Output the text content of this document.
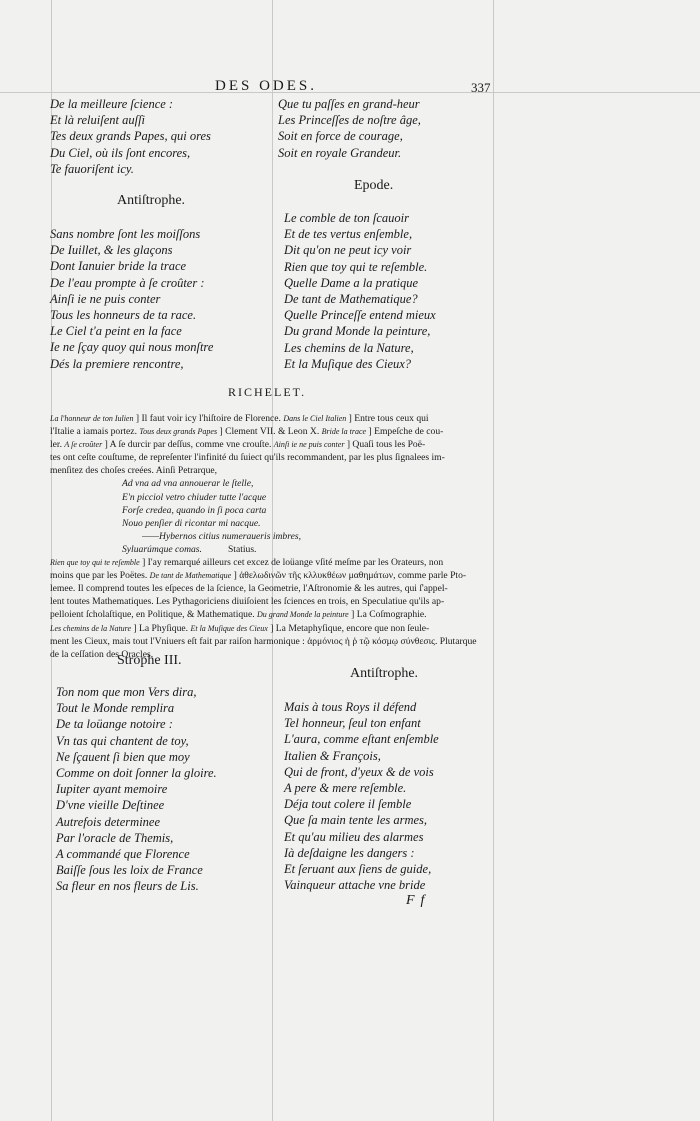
DES ODES.	337
De la meilleure ſcience :
Et là reluiſent auſſi
Tes deux grands Papes, qui ores
Du Ciel, où ils ſont encores,
Te fauoriſent icy.
Antiſtrophe.
Sans nombre ſont les moiſſons
De Iuillet, & les glaçons
Dont Ianuier bride la trace
De l'eau prompte à ſe croûter :
Ainſi ie ne puis conter
Tous les honneurs de ta race.
Le Ciel t'a peint en la face
Ie ne ſçay quoy qui nous monſtre
Dés la premiere rencontre,
Que tu paſſes en grand-heur
Les Princeſſes de noſtre âge,
Soit en force de courage,
Soit en royale Grandeur.
Epode.
Le comble de ton ſcauoir
Et de tes vertus enſemble,
Dit qu'on ne peut icy voir
Rien que toy qui te reſemble.
Quelle Dame a la pratique
De tant de Mathematique?
Quelle Princeſſe entend mieux
Du grand Monde la peinture,
Les chemins de la Nature,
Et la Muſique des Cieux?
RICHELET.
La l'honneur de ton Iulien ] Il faut voir icy l'hiſtoire de Florence. Dans le Ciel Italien ] Entre tous ceux qui
l'Italie a iamais portez. Tous deux grands Papes ] Clement VII. & Leon X. Bride la trace ] Empeſche de cou-
ler. A ſe croûter ] A ſe durcir par deſſus, comme vne crouſte. Ainſi ie ne puis conter ] Quaſi tous les Poë-
tes ont ceſte couſtume, de repreſenter l'infinité du ſuiect qu'ils recommandent, par les plus ſignalees im-
menſitez des choſes creées. Ainſi Petrarque,
Ad vna ad vna annouerar le ſtelle,
E'n picciol vetro chiuder tutte l'acque
Forſe credea, quando in ſi poca carta
Nouo penſier di ricontar mi nacque.
——Hybernos citius numeraueris imbres,
Syluarúmque comas.	Statius.
Rien que toy qui te reſemble ] I'ay remarqué ailleurs cet excez de loüange vſité meſme par les Orateurs, non
moins que par les Poëtes. De tant de Mathematique ] ἀθελωδινῶν τῆς κλλυκθέων μαθημάτων, comme parle Pto-
lemee. Il comprend toutes les eſpeces de la ſcience, la Geometrie, l'Aſtronomie & les autres, qui ſ'appel-
lent toutes Mathematiques. Les Pythagoriciens diuiſoient les ſciences en trois, en Speculatiue qu'ils ap-
pelloient ſcholaſtique, en Politique, & Mathematique. Du grand Monde la peinture ] La Coſmographie.
Les chemins de la Nature ] La Phyſique. Et la Muſique des Cieux ] La Metaphyſique, encore que non ſeule-
ment les Cieux, mais tout l'Vniuers eſt fait par raiſon harmonique : ἁρμόνιος ἡ ῥ τῷ κόσμῳ σύνθεσις. Plutarque
de la ceſſation des Oracles.
Strophe III.
Ton nom que mon Vers dira,
Tout le Monde remplira
De ta loüange notoire :
Vn tas qui chantent de toy,
Ne ſçauent ſi bien que moy
Comme on doit ſonner la gloire.
Iupiter ayant memoire
D'vne vieille Deſtinee
Autrefois determinee
Par l'oracle de Themis,
A commandé que Florence
Baiſſe ſous les loix de France
Sa fleur en nos fleurs de Lis.
Antiſtrophe.
Mais à tous Roys il défend
Tel honneur, ſeul ton enfant
L'aura, comme eſtant enſemble
Italien & François,
Qui de front, d'yeux & de vois
A pere & mere reſemble.
Déja tout colere il ſemble
Que ſa main tente les armes,
Et qu'au milieu des alarmes
Ià deſdaigne les dangers :
Et ſeruant aux ſiens de guide,
Vainqueur attache vne bride
Ff
